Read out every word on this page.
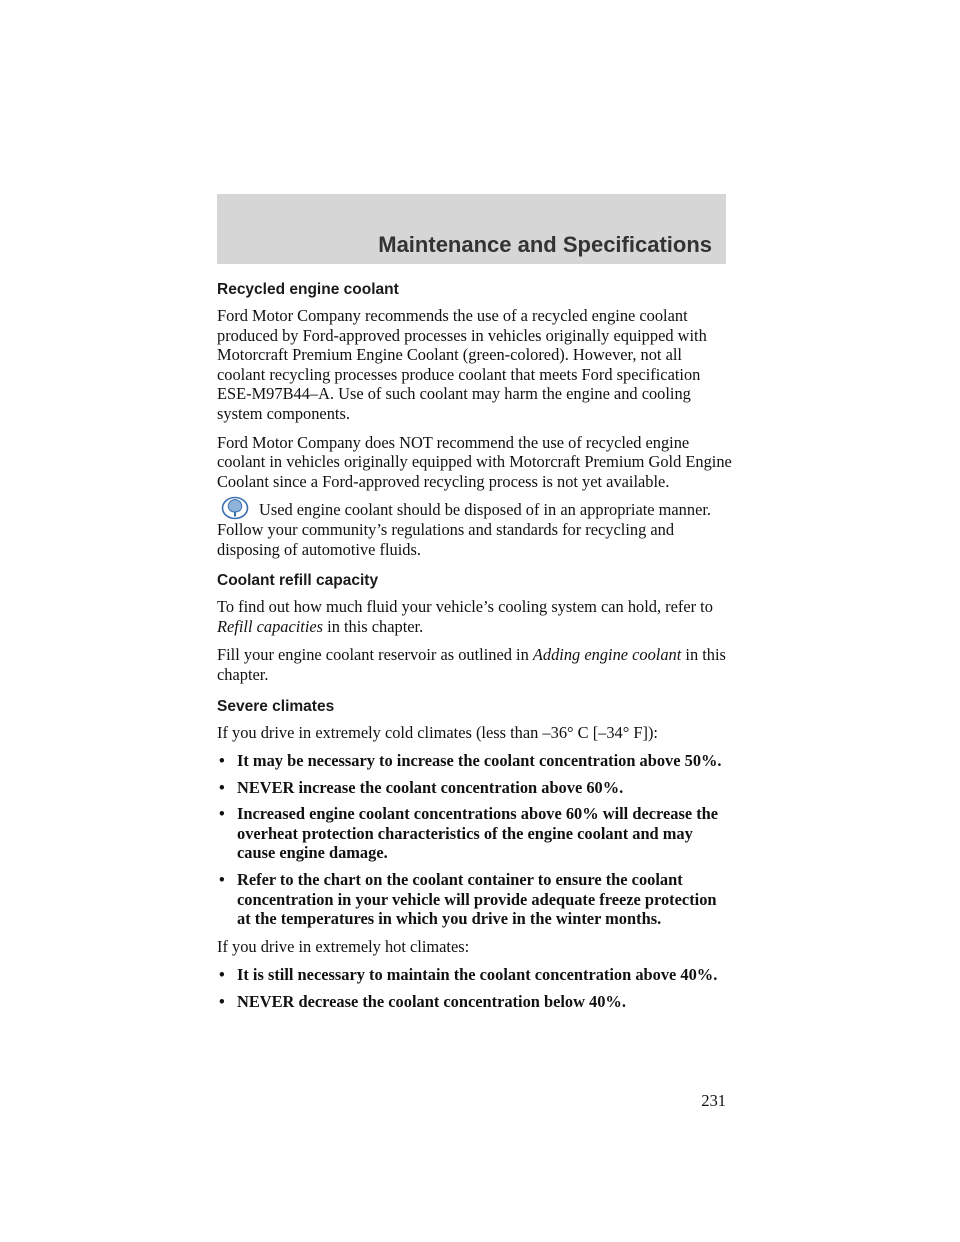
Maintenance and Specifications
Recycled engine coolant

Ford Motor Company recommends the use of a recycled engine coolant produced by Ford-approved processes in vehicles originally equipped with Motorcraft Premium Engine Coolant (green-colored). However, not all coolant recycling processes produce coolant that meets Ford specification ESE-M97B44–A. Use of such coolant may harm the engine and cooling system components.

Ford Motor Company does NOT recommend the use of recycled engine coolant in vehicles originally equipped with Motorcraft Premium Gold Engine Coolant since a Ford-approved recycling process is not yet available.

Used engine coolant should be disposed of in an appropriate manner. Follow your community’s regulations and standards for recycling and disposing of automotive fluids.

Coolant refill capacity

To find out how much fluid your vehicle’s cooling system can hold, refer to Refill capacities in this chapter.

Fill your engine coolant reservoir as outlined in Adding engine coolant in this chapter.

Severe climates

If you drive in extremely cold climates (less than –36° C [–34° F]):

• It may be necessary to increase the coolant concentration above 50%.
• NEVER increase the coolant concentration above 60%.
• Increased engine coolant concentrations above 60% will decrease the overheat protection characteristics of the engine coolant and may cause engine damage.
• Refer to the chart on the coolant container to ensure the coolant concentration in your vehicle will provide adequate freeze protection at the temperatures in which you drive in the winter months.

If you drive in extremely hot climates:

• It is still necessary to maintain the coolant concentration above 40%.
• NEVER decrease the coolant concentration below 40%.
231
